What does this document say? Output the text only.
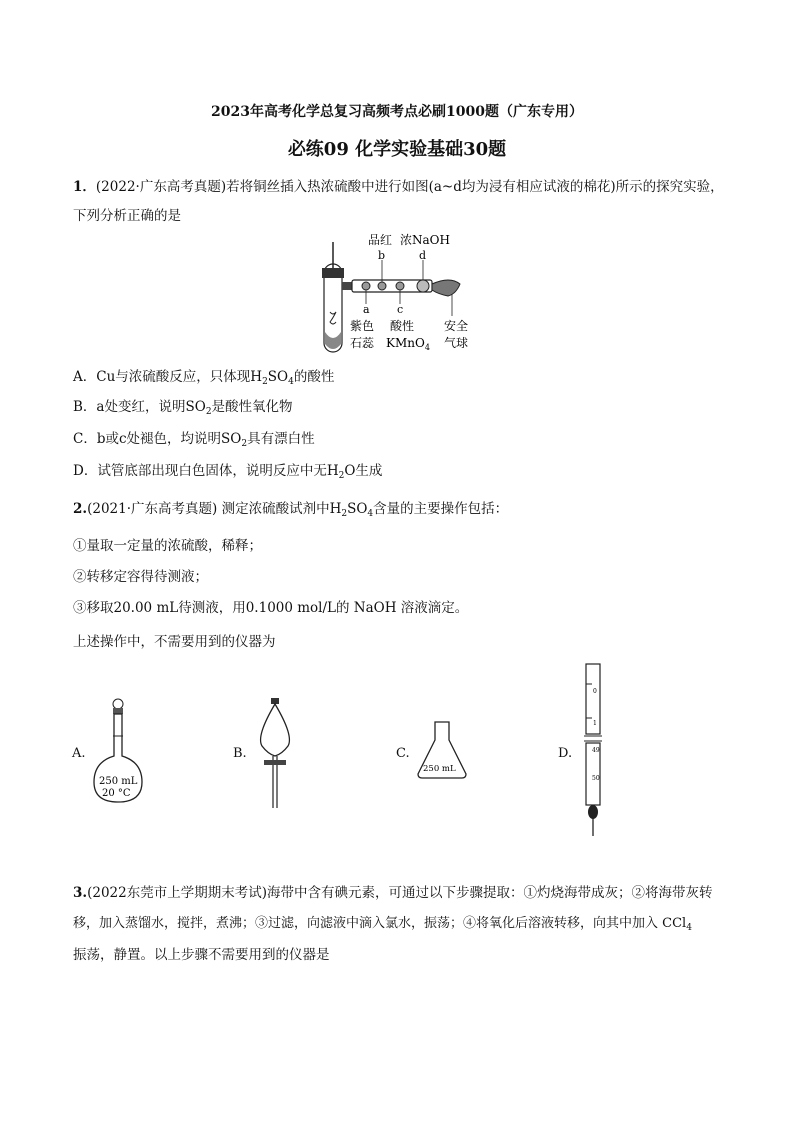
2023年高考化学总复习高频考点必刷1000题（广东专用）
必练09 化学实验基础30题
1．(2022·广东高考真题)若将铜丝插入热浓硫酸中进行如图(a~d均为浸有相应试液的棉花)所示的探究实验，
下列分析正确的是
品红 浓NaOH
b	d
a c
紫色
石蕊
酸性
KMnO$_4$
安全
气球
A．Cu与浓硫酸反应，只体现$H_2SO_4$的酸性
B．a处变红，说明$SO_2$是酸性氧化物
C．b或c处褪色，均说明$SO_2$具有漂白性
D．试管底部出现白色固体，说明反应中无$H_2O$生成
2.(2021·广东高考真题) 测定浓硫酸试剂中$H_2SO_4$含量的主要操作包括：
①量取一定量的浓硫酸，稀释；
②转移定容得待测液；
③移取20.00 mL待测液，用0.1000 mol/L的 NaOH 溶液滴定。
上述操作中，不需要用到的仪器为
A.
250 mL
20 °C
B.	C.
250 mL
D.
0
1
49
50
3.(2022东莞市上学期期末考试)海带中含有碘元素，可通过以下步骤提取：①灼烧海带成灰；②将海带灰转
移，加入蒸馏水，搅拌，煮沸；③过滤，向滤液中滴入氯水，振荡；④将氧化后溶液转移，向其中加入 CCl$_4$
振荡，静置。以上步骤不需要用到的仪器是
